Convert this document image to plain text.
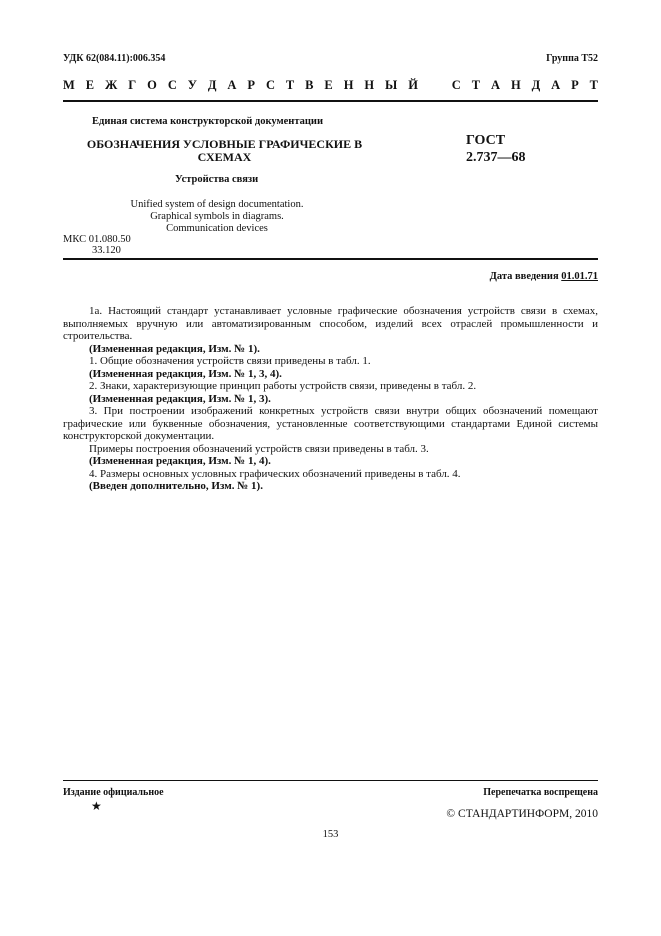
УДК 62(084.11):006.354	Группа Т52
М Е Ж Г О С У Д А Р С Т В Е Н Н Ы Й	С Т А Н Д А Р Т
Единая система конструкторской документации
ОБОЗНАЧЕНИЯ УСЛОВНЫЕ ГРАФИЧЕСКИЕ В
СХЕМАХ
ГОСТ
2.737—68
Устройства связи
Unified system of design documentation.
Graphical symbols in diagrams.
Communication devices
МКС 01.080.50
33.120
Дата введения 01.01.71

1а. Настоящий стандарт устанавливает условные графические обозначения устройств связи в схемах, выполняемых вручную или автоматизированным способом, изделий всех отраслей промышленности и строительства.

(Измененная редакция, Изм. № 1).

1. Общие обозначения устройств связи приведены в табл. 1.

(Измененная редакция, Изм. № 1, 3, 4).

2. Знаки, характеризующие принцип работы устройств связи, приведены в табл. 2.

(Измененная редакция, Изм. № 1, 3).

3. При построении изображений конкретных устройств связи внутри общих обозначений помещают графические или буквенные обозначения, установленные соответствующими стандартами Единой системы конструкторской документации.

Примеры построения обозначений устройств связи приведены в табл. 3.

(Измененная редакция, Изм. № 1, 4).

4. Размеры основных условных графических обозначений приведены в табл. 4.

(Введен дополнительно, Изм. № 1).

Издание официальное	Перепечатка воспрещена
★
© СТАНДАРТИНФОРМ, 2010
153
